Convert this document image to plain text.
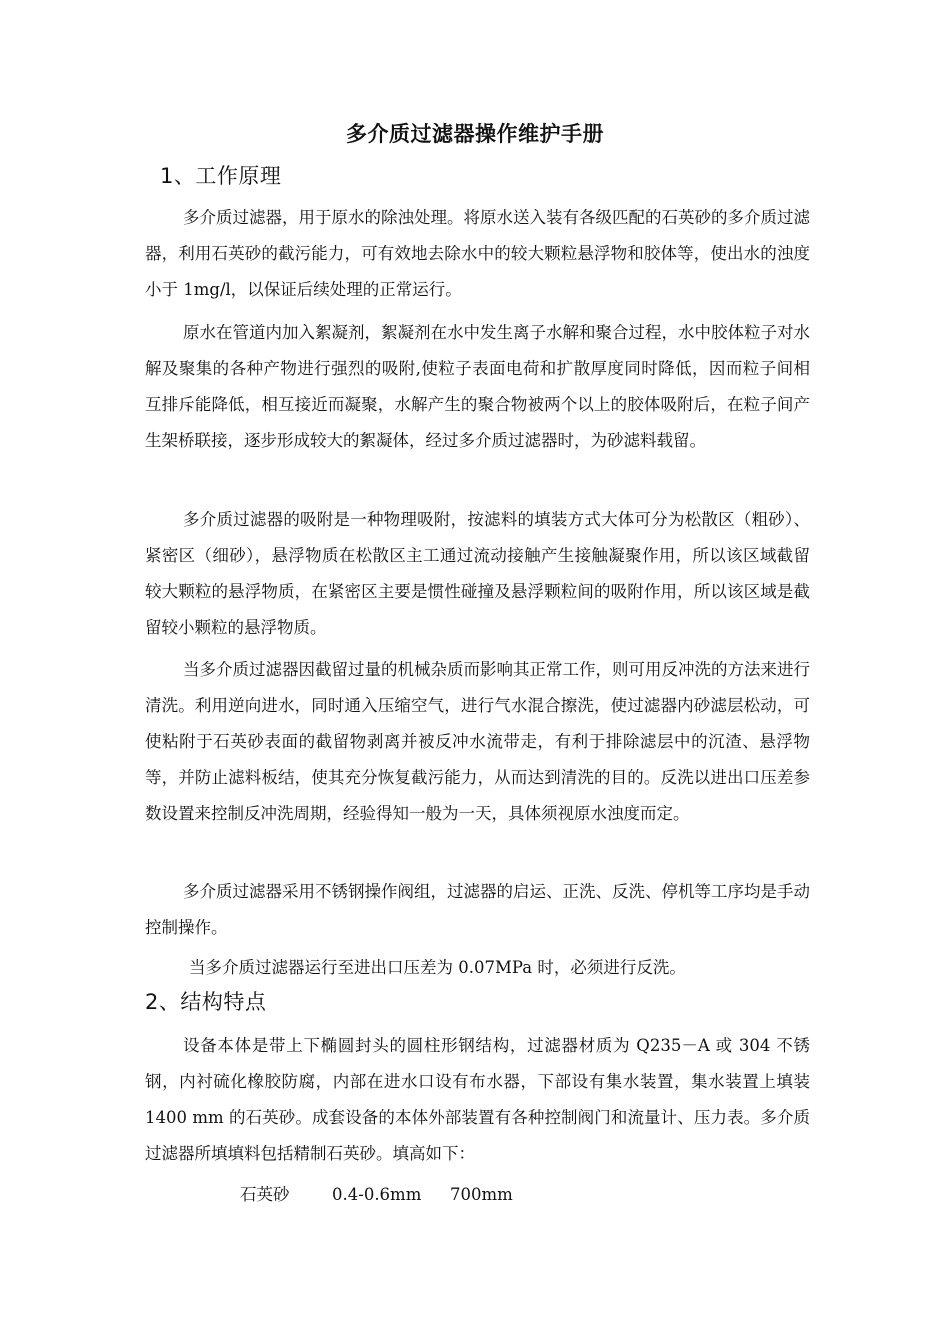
多介质过滤器操作维护手册
1、工作原理
多介质过滤器，用于原水的除浊处理。将原水送入装有各级匹配的石英砂的多介质过滤器，利用石英砂的截污能力，可有效地去除水中的较大颗粒悬浮物和胶体等，使出水的浊度小于 1mg/l，以保证后续处理的正常运行。
原水在管道内加入絮凝剂，絮凝剂在水中发生离子水解和聚合过程，水中胶体粒子对水解及聚集的各种产物进行强烈的吸附,使粒子表面电荷和扩散厚度同时降低，因而粒子间相互排斥能降低，相互接近而凝聚，水解产生的聚合物被两个以上的胶体吸附后，在粒子间产生架桥联接，逐步形成较大的絮凝体，经过多介质过滤器时，为砂滤料载留。
多介质过滤器的吸附是一种物理吸附，按滤料的填装方式大体可分为松散区（粗砂）、紧密区（细砂），悬浮物质在松散区主工通过流动接触产生接触凝聚作用，所以该区域截留较大颗粒的悬浮物质，在紧密区主要是惯性碰撞及悬浮颗粒间的吸附作用，所以该区域是截留较小颗粒的悬浮物质。
当多介质过滤器因截留过量的机械杂质而影响其正常工作，则可用反冲洗的方法来进行清洗。利用逆向进水，同时通入压缩空气，进行气水混合擦洗，使过滤器内砂滤层松动，可使粘附于石英砂表面的截留物剥离并被反冲水流带走，有利于排除滤层中的沉渣、悬浮物等，并防止滤料板结，使其充分恢复截污能力，从而达到清洗的目的。反洗以进出口压差参数设置来控制反冲洗周期，经验得知一般为一天，具体须视原水浊度而定。
多介质过滤器采用不锈钢操作阀组，过滤器的启运、正洗、反洗、停机等工序均是手动控制操作。
当多介质过滤器运行至进出口压差为 0.07MPa 时，必须进行反洗。
2、结构特点
设备本体是带上下椭圆封头的圆柱形钢结构，过滤器材质为 Q235－A 或 304 不锈钢，内衬硫化橡胶防腐，内部在进水口设有布水器，下部设有集水装置，集水装置上填装 1400 mm 的石英砂。成套设备的本体外部装置有各种控制阀门和流量计、压力表。多介质过滤器所填填料包括精制石英砂。填高如下：
石英砂	0.4-0.6mm 700mm
